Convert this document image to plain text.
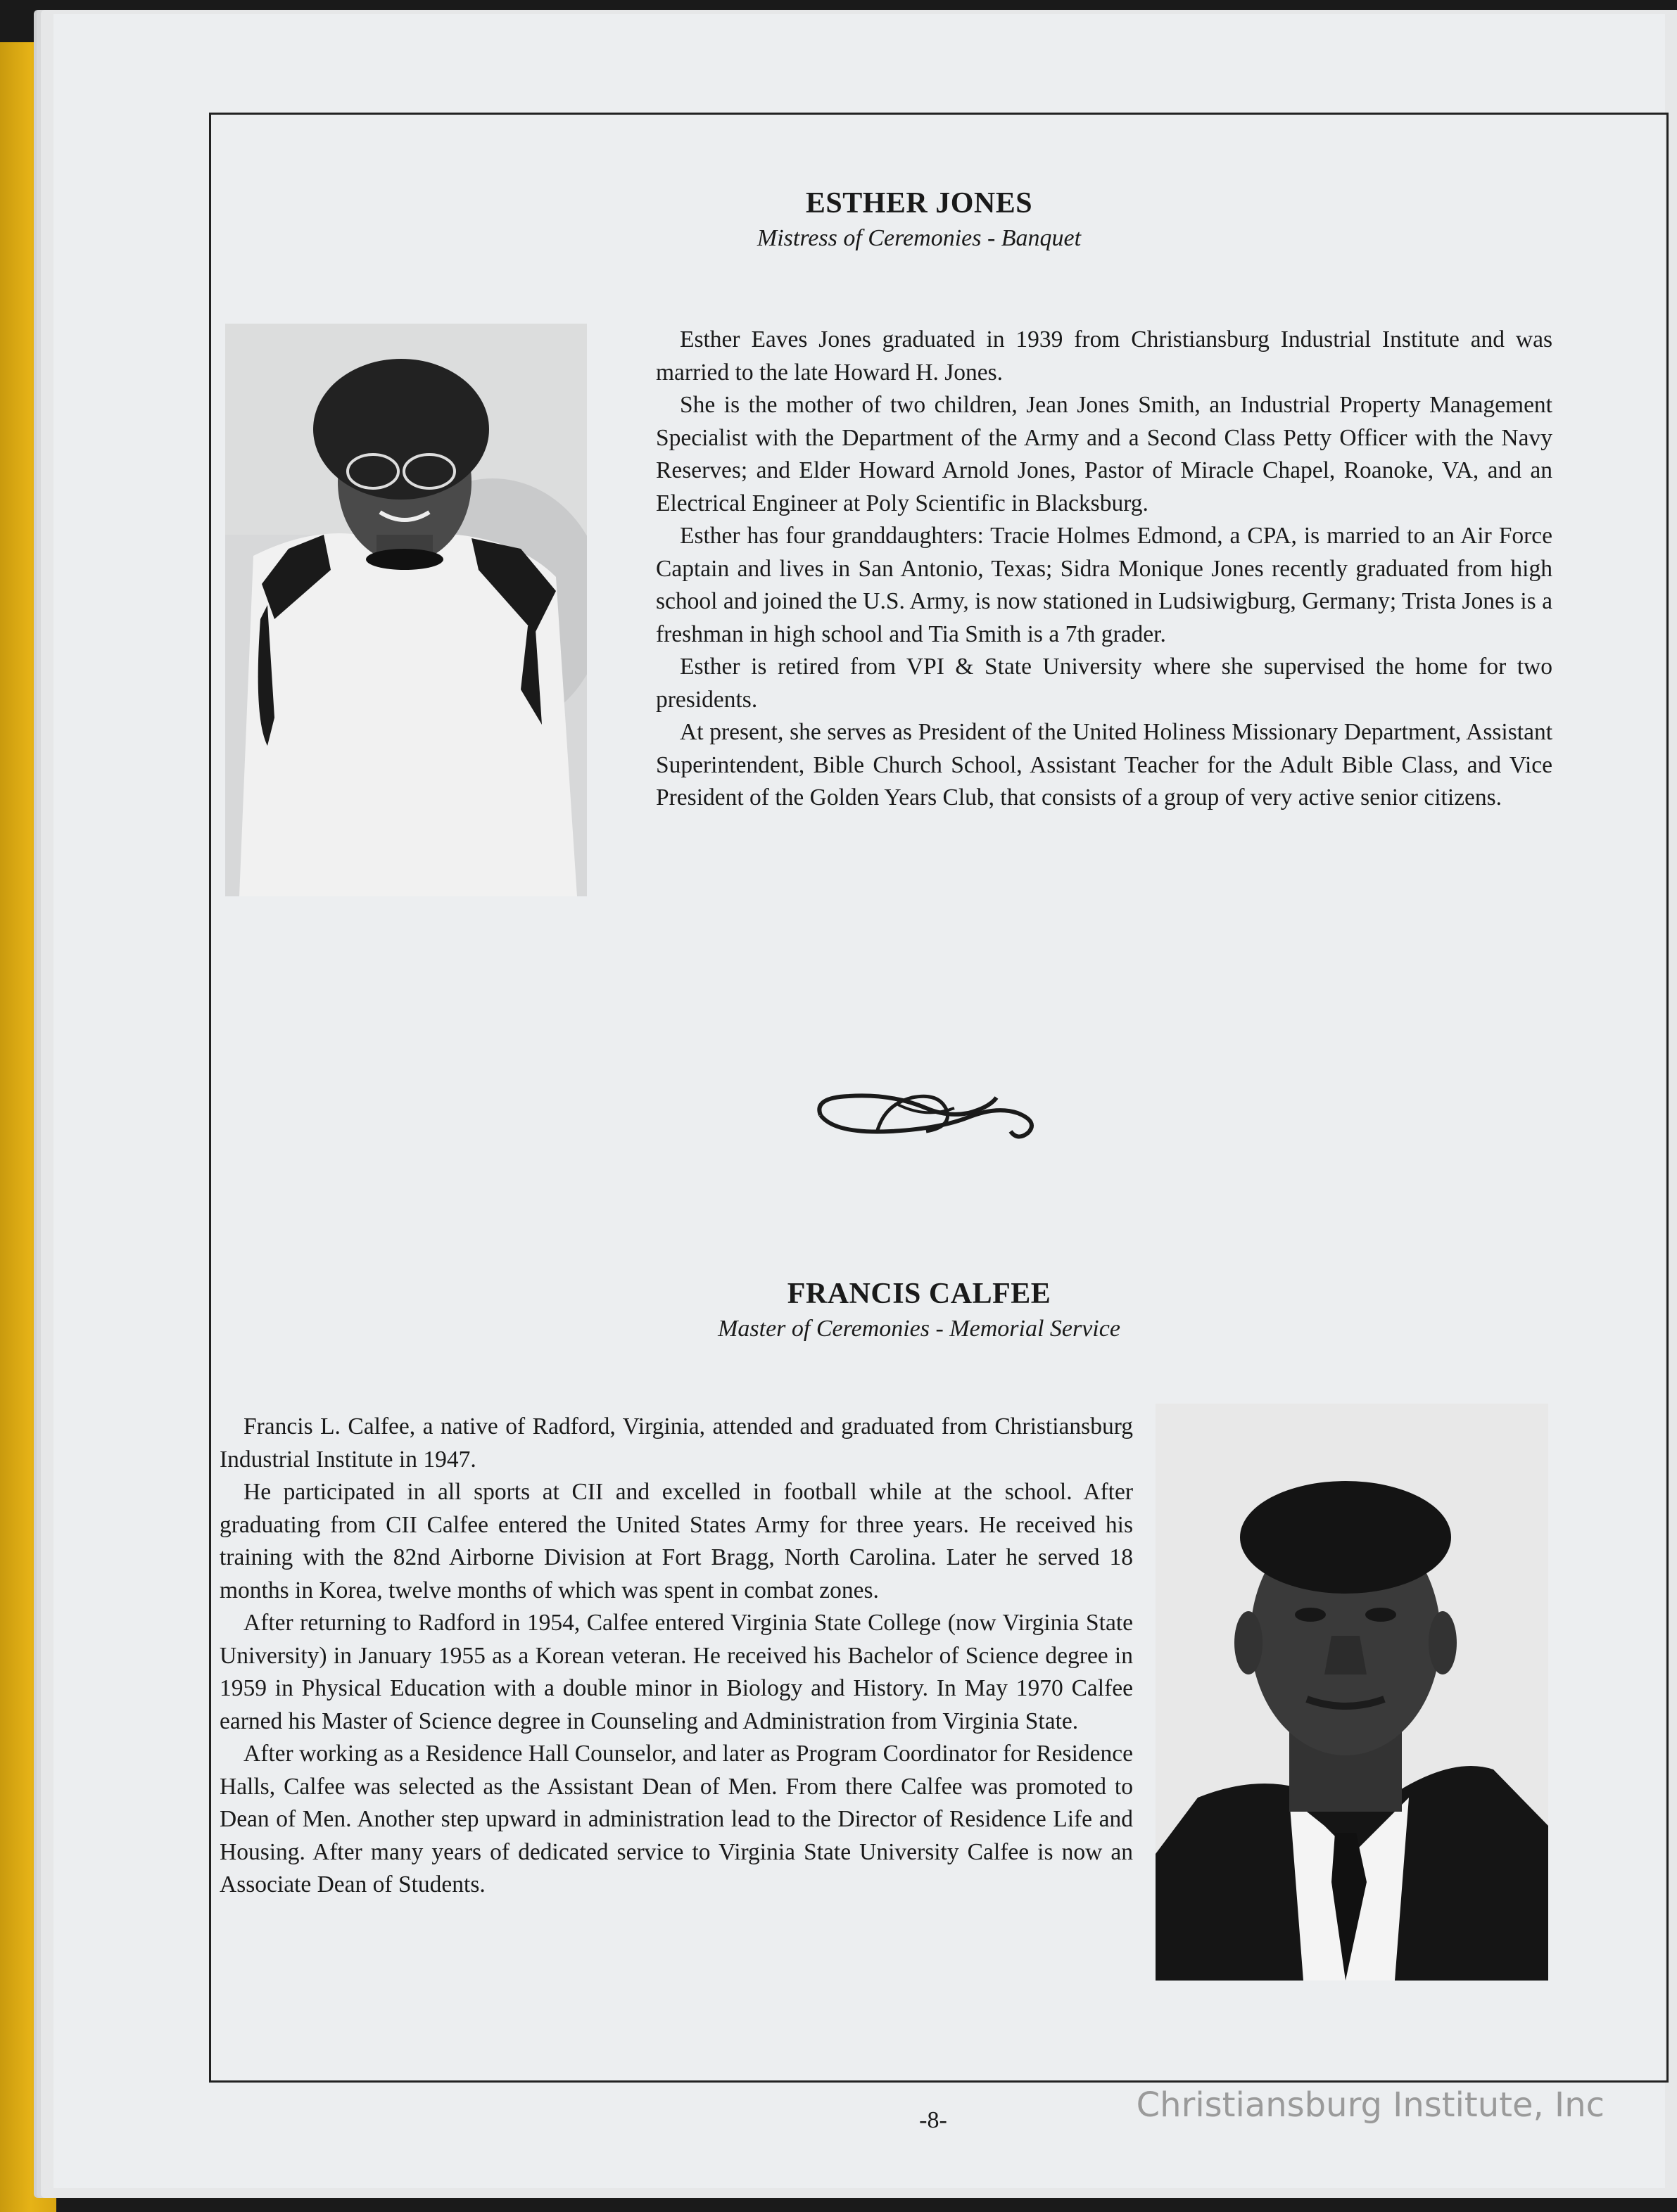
ESTHER JONES
Mistress of Ceremonies - Banquet

Esther Eaves Jones graduated in 1939 from Christiansburg Industrial Institute and was married to the late Howard H. Jones.

She is the mother of two children, Jean Jones Smith, an Industrial Property Management Specialist with the Department of the Army and a Second Class Petty Officer with the Navy Reserves; and Elder Howard Arnold Jones, Pastor of Miracle Chapel, Roanoke, VA, and an Electrical Engineer at Poly Scientific in Blacksburg.

Esther has four granddaughters: Tracie Holmes Edmond, a CPA, is married to an Air Force Captain and lives in San Antonio, Texas; Sidra Monique Jones recently graduated from high school and joined the U.S. Army, is now stationed in Ludsiwigburg, Germany; Trista Jones is a freshman in high school and Tia Smith is a 7th grader.

Esther is retired from VPI & State University where she supervised the home for two presidents.

At present, she serves as President of the United Holiness Missionary Department, Assistant Superintendent, Bible Church School, Assistant Teacher for the Adult Bible Class, and Vice President of the Golden Years Club, that consists of a group of very active senior citizens.

FRANCIS CALFEE
Master of Ceremonies - Memorial Service

Francis L. Calfee, a native of Radford, Virginia, attended and graduated from Christiansburg Industrial Institute in 1947.

He participated in all sports at CII and excelled in football while at the school. After graduating from CII Calfee entered the United States Army for three years. He received his training with the 82nd Airborne Division at Fort Bragg, North Carolina. Later he served 18 months in Korea, twelve months of which was spent in combat zones.

After returning to Radford in 1954, Calfee entered Virginia State College (now Virginia State University) in January 1955 as a Korean veteran. He received his Bachelor of Science degree in 1959 in Physical Education with a double minor in Biology and History. In May 1970 Calfee earned his Master of Science degree in Counseling and Administration from Virginia State.

After working as a Residence Hall Counselor, and later as Program Coordinator for Residence Halls, Calfee was selected as the Assistant Dean of Men. From there Calfee was promoted to Dean of Men. Another step upward in administration lead to the Director of Residence Life and Housing. After many years of dedicated service to Virginia State University Calfee is now an Associate Dean of Students.

-8-	Christiansburg Institute, Inc
